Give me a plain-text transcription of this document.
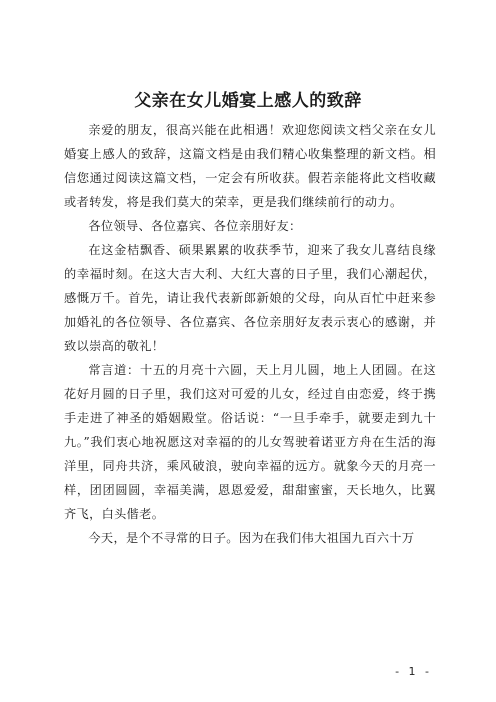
父亲在女儿婚宴上感人的致辞

亲爱的朋友，很高兴能在此相遇！欢迎您阅读文档父亲在女儿婚宴上感人的致辞，这篇文档是由我们精心收集整理的新文档。相信您通过阅读这篇文档，一定会有所收获。假若亲能将此文档收藏或者转发，将是我们莫大的荣幸，更是我们继续前行的动力。

各位领导、各位嘉宾、各位亲朋好友：

在这金桔飘香、硕果累累的收获季节，迎来了我女儿喜结良缘的幸福时刻。在这大吉大利、大红大喜的日子里，我们心潮起伏，感慨万千。首先，请让我代表新郎新娘的父母，向从百忙中赶来参加婚礼的各位领导、各位嘉宾、各位亲朋好友表示衷心的感谢，并致以崇高的敬礼！

常言道：十五的月亮十六圆，天上月儿圆，地上人团圆。在这花好月圆的日子里，我们这对可爱的儿女，经过自由恋爱，终于携手走进了神圣的婚姻殿堂。俗话说：“一旦手牵手，就要走到九十九。”我们衷心地祝愿这对幸福的的儿女驾驶着诺亚方舟在生活的海洋里，同舟共济，乘风破浪，驶向幸福的远方。就象今天的月亮一样，团团圆圆，幸福美满，恩恩爱爱，甜甜蜜蜜，天长地久，比翼齐飞，白头偕老。

今天，是个不寻常的日子。因为在我们伟大祖国九百六十万

- 1 -
